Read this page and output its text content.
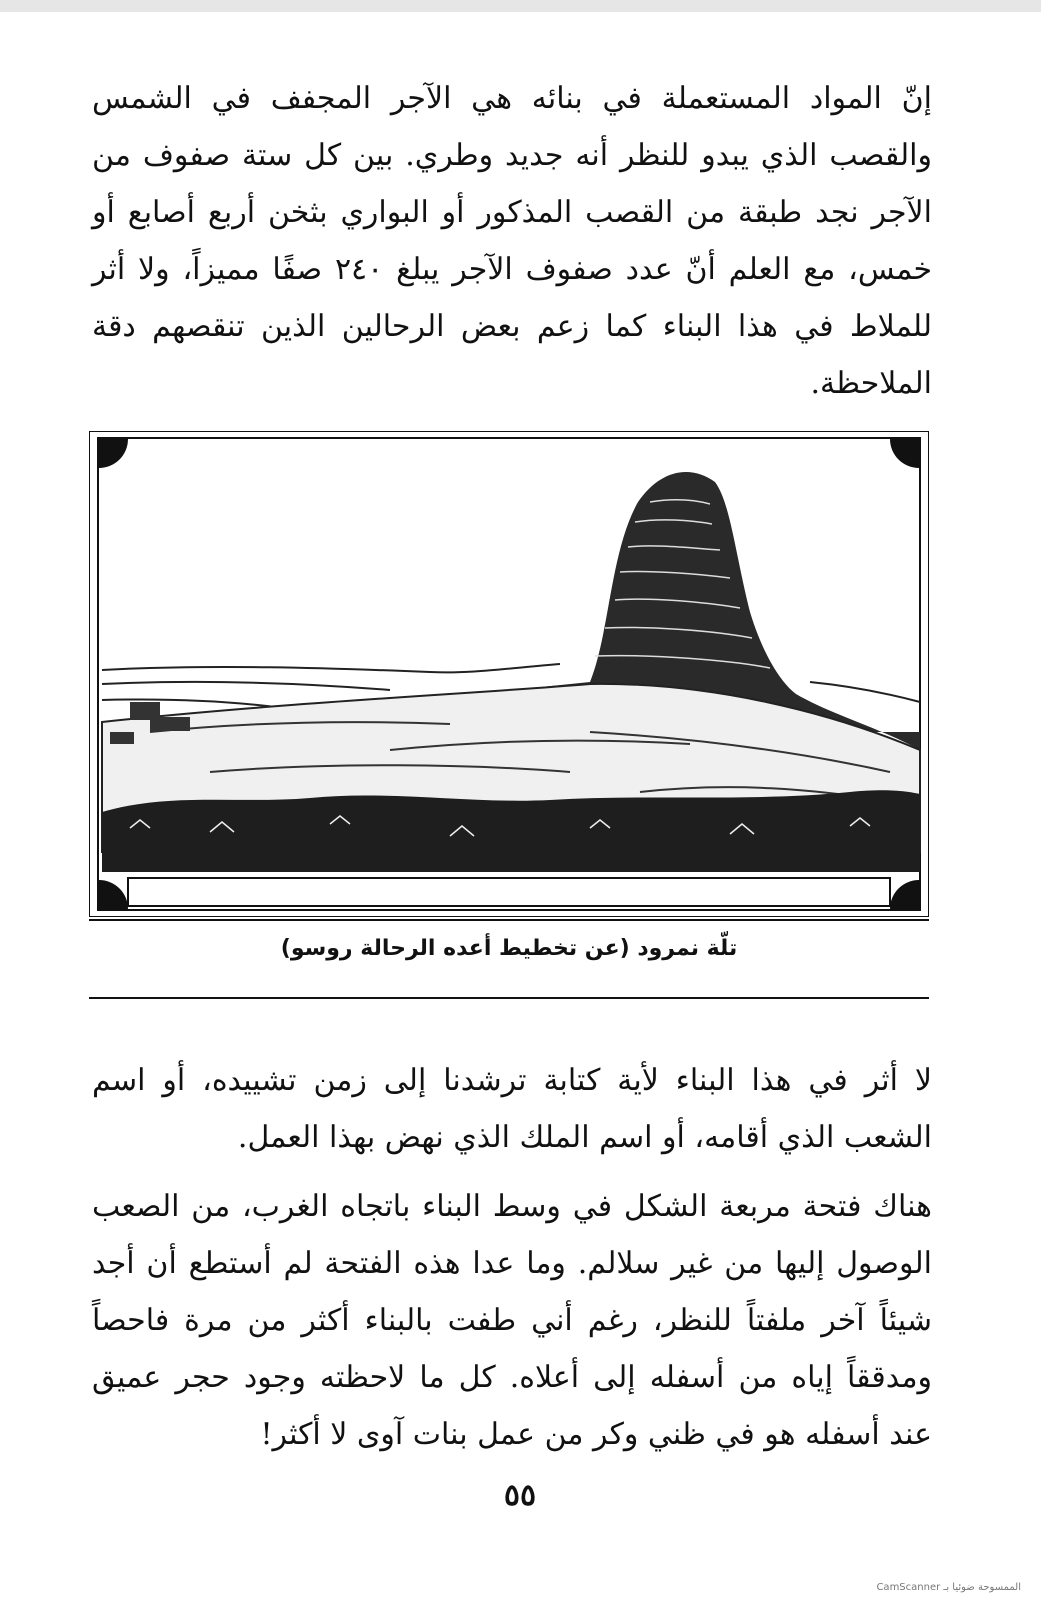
إنّ المواد المستعملة في بنائه هي الآجر المجفف في الشمس والقصب الذي يبدو للنظر أنه جديد وطري. بين كل ستة صفوف من الآجر نجد طبقة من القصب المذكور أو البواري بثخن أربع أصابع أو خمس، مع العلم أنّ عدد صفوف الآجر يبلغ ٢٤٠ صفًا مميزاً، ولا أثر للملاط في هذا البناء كما زعم بعض الرحالين الذين تنقصهم دقة الملاحظة.

تلّة نمرود (عن تخطيط أعده الرحالة روسو)

لا أثر في هذا البناء لأية كتابة ترشدنا إلى زمن تشييده، أو اسم الشعب الذي أقامه، أو اسم الملك الذي نهض بهذا العمل.

هناك فتحة مربعة الشكل في وسط البناء باتجاه الغرب، من الصعب الوصول إليها من غير سلالم. وما عدا هذه الفتحة لم أستطع أن أجد شيئاً آخر ملفتاً للنظر، رغم أني طفت بالبناء أكثر من مرة فاحصاً ومدققاً إياه من أسفله إلى أعلاه. كل ما لاحظته وجود حجر عميق عند أسفله هو في ظني وكر من عمل بنات آوى لا أكثر!

٥٥
CamScanner الممسوحة ضوئيا بـ
